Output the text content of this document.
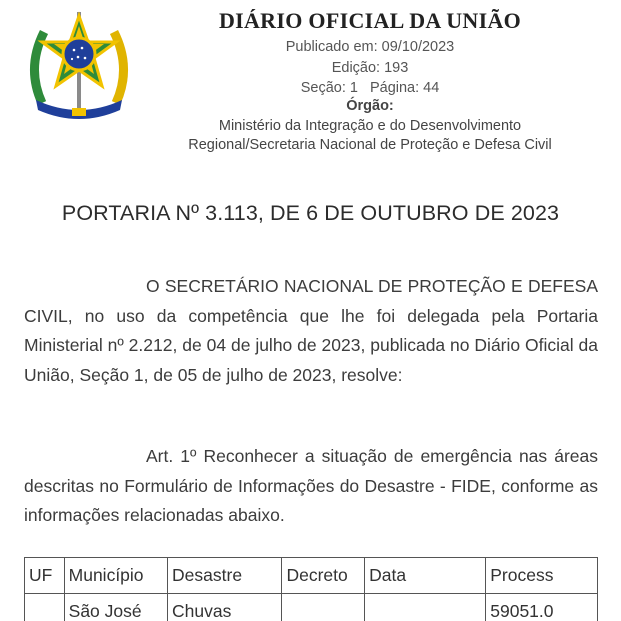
DIÁRIO OFICIAL DA UNIÃO
Publicado em: 09/10/2023
Edição: 193
Seção: 1 Página: 44
Órgão:
Ministério da Integração e do Desenvolvimento
Regional/Secretaria Nacional de Proteção e Defesa Civil
PORTARIA Nº 3.113, DE 6 DE OUTUBRO DE 2023
O SECRETÁRIO NACIONAL DE PROTEÇÃO E DEFESA CIVIL, no uso da competência que lhe foi delegada pela Portaria Ministerial nº 2.212, de 04 de julho de 2023, publicada no Diário Oficial da União, Seção 1, de 05 de julho de 2023, resolve:
Art. 1º Reconhecer a situação de emergência nas áreas descritas no Formulário de Informações do Desastre - FIDE, conforme as informações relacionadas abaixo.
UF	Município	Desastre	Decreto	Data	Process
	São José	Chuvas			59051.0
